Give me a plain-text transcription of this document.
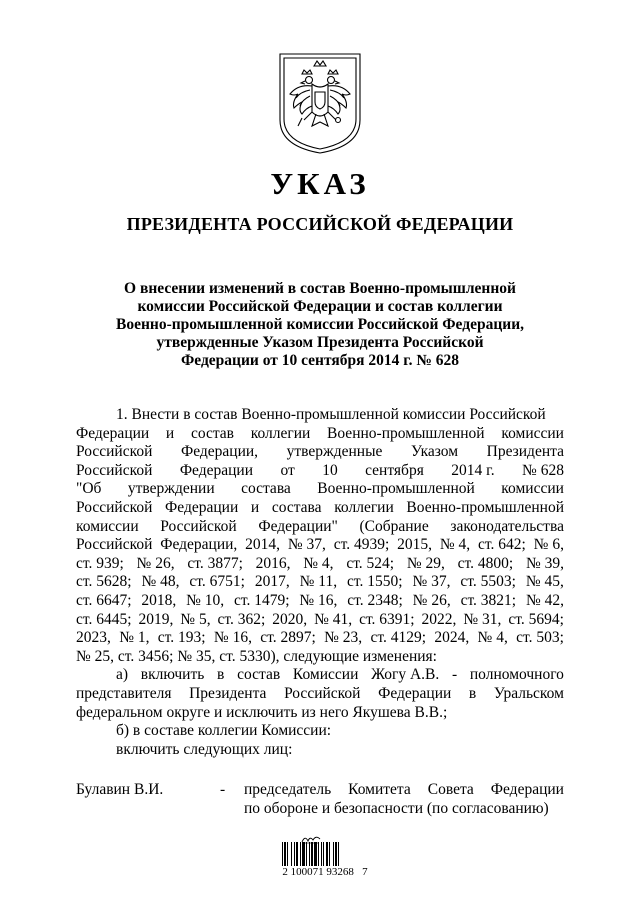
УКАЗ
ПРЕЗИДЕНТА РОССИЙСКОЙ ФЕДЕРАЦИИ
О внесении изменений в состав Военно-промышленной
комиссии Российской Федерации и состав коллегии
Военно-промышленной комиссии Российской Федерации,
утвержденные Указом Президента Российской
Федерации от 10 сентября 2014 г. № 628
1. Внести в состав Военно-промышленной комиссии Российской
Федерации и состав коллегии Военно-промышленной комиссии
Российской Федерации, утвержденные Указом Президента
Российской Федерации от 10 сентября 2014 г. № 628
"Об утверждении состава Военно-промышленной комиссии
Российской Федерации и состава коллегии Военно-промышленной
комиссии Российской Федерации" (Собрание законодательства
Российской Федерации, 2014, № 37, ст. 4939; 2015, № 4, ст. 642; № 6,
ст. 939; № 26, ст. 3877; 2016, № 4, ст. 524; № 29, ст. 4800; № 39,
ст. 5628; № 48, ст. 6751; 2017, № 11, ст. 1550; № 37, ст. 5503; № 45,
ст. 6647; 2018, № 10, ст. 1479; № 16, ст. 2348; № 26, ст. 3821; № 42,
ст. 6445; 2019, № 5, ст. 362; 2020, № 41, ст. 6391; 2022, № 31, ст. 5694;
2023, № 1, ст. 193; № 16, ст. 2897; № 23, ст. 4129; 2024, № 4, ст. 503;
№ 25, ст. 3456; № 35, ст. 5330), следующие изменения:
а) включить в состав Комиссии Жогу А.В. - полномочного
представителя Президента Российской Федерации в Уральском
федеральном округе и исключить из него Якушева В.В.;
б) в составе коллегии Комиссии:
включить следующих лиц:
Булавин В.И.	- председатель Комитета Совета Федерации
по обороне и безопасности (по согласованию)
2 100071 93268   7
